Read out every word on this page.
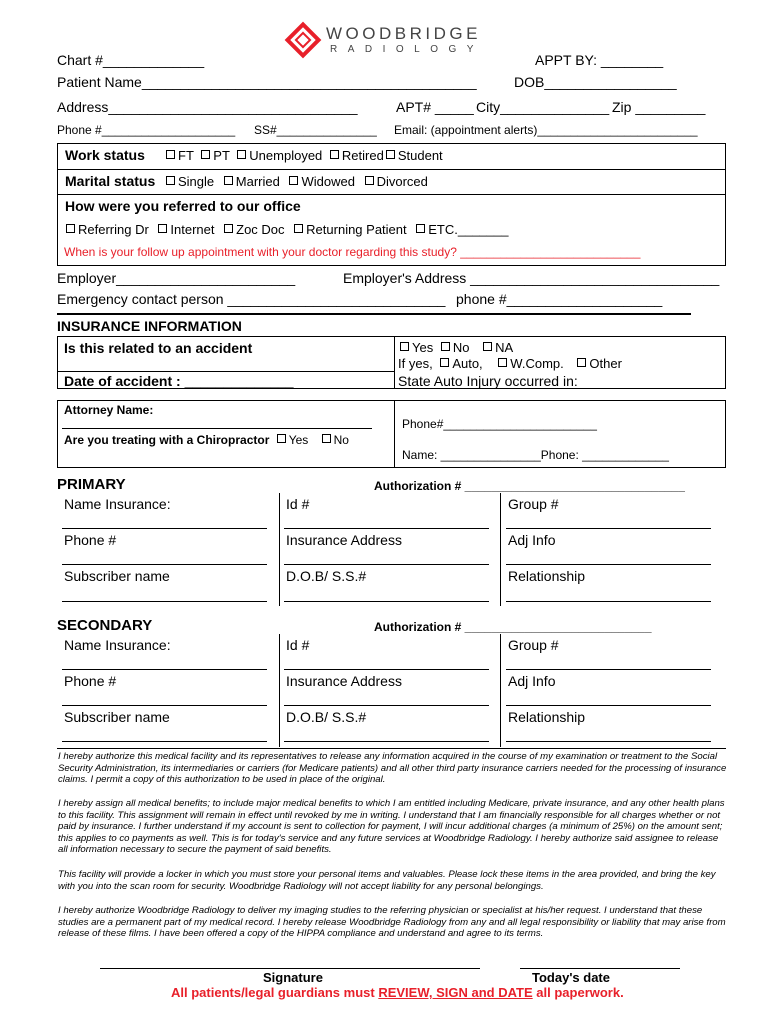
WOODBRIDGE
RADIOLOGY
Chart #_____________	APPT BY: ________
Patient Name___________________________________________	DOB_________________
Address________________________________	APT# _____ City______________ Zip _________
Phone #____________________ SS#_______________ Email: (appointment alerts)________________________
Work status	FT PT Unemployed Retired Student
Marital status	Single Married Widowed Divorced
How were you referred to our office
Referring Dr Internet Zoc Doc Returning Patient ETC._______
When is your follow up appointment with your doctor regarding this study? ___________________________
Employer_______________________	Employer's Address ________________________________
Emergency contact person ____________________________ phone #____________________
INSURANCE INFORMATION
Is this related to an accident	Yes No NA
If yes, Auto, W.Comp. Other
Date of accident : ______________	State Auto Injury occurred in: ___________
Attorney Name:
Phone#_______________________
Are you treating with a Chiropractor Yes No
Name: _______________Phone: _____________
PRIMARY	Authorization # _________________________________
Name Insurance:	Id #	Group #
Phone #	Insurance Address	Adj Info
Subscriber name	D.O.B/ S.S.#	Relationship
SECONDARY	Authorization # ____________________________
Name Insurance:	Id #	Group #
Phone #	Insurance Address	Adj Info
Subscriber name	D.O.B/ S.S.#	Relationship
I hereby authorize this medical facility and its representatives to release any information acquired in the course of my examination or treatment to the Social Security Administration, its intermediaries or carriers (for Medicare patients) and all other third party insurance carriers needed for the processing of insurance claims. I permit a copy of this authorization to be used in place of the original.
I hereby assign all medical benefits; to include major medical benefits to which I am entitled including Medicare, private insurance, and any other health plans to this facility. This assignment will remain in effect until revoked by me in writing. I understand that I am financially responsible for all charges whether or not paid by insurance. I further understand if my account is sent to collection for payment, I will incur additional charges (a minimum of 25%) on the amount sent; this applies to co payments as well. This is for today's service and any future services at Woodbridge Radiology. I hereby authorize said assignee to release all information necessary to secure the payment of said benefits.
This facility will provide a locker in which you must store your personal items and valuables. Please lock these items in the area provided, and bring the key with you into the scan room for security. Woodbridge Radiology will not accept liability for any personal belongings.
I hereby authorize Woodbridge Radiology to deliver my imaging studies to the referring physician or specialist at his/her request. I understand that these studies are a permanent part of my medical record. I hereby release Woodbridge Radiology from any and all legal responsibility or liability that may arise from release of these films. I have been offered a copy of the HIPPA compliance and understand and agree to its terms.
Signature	Today's date
All patients/legal guardians must REVIEW, SIGN and DATE all paperwork.
